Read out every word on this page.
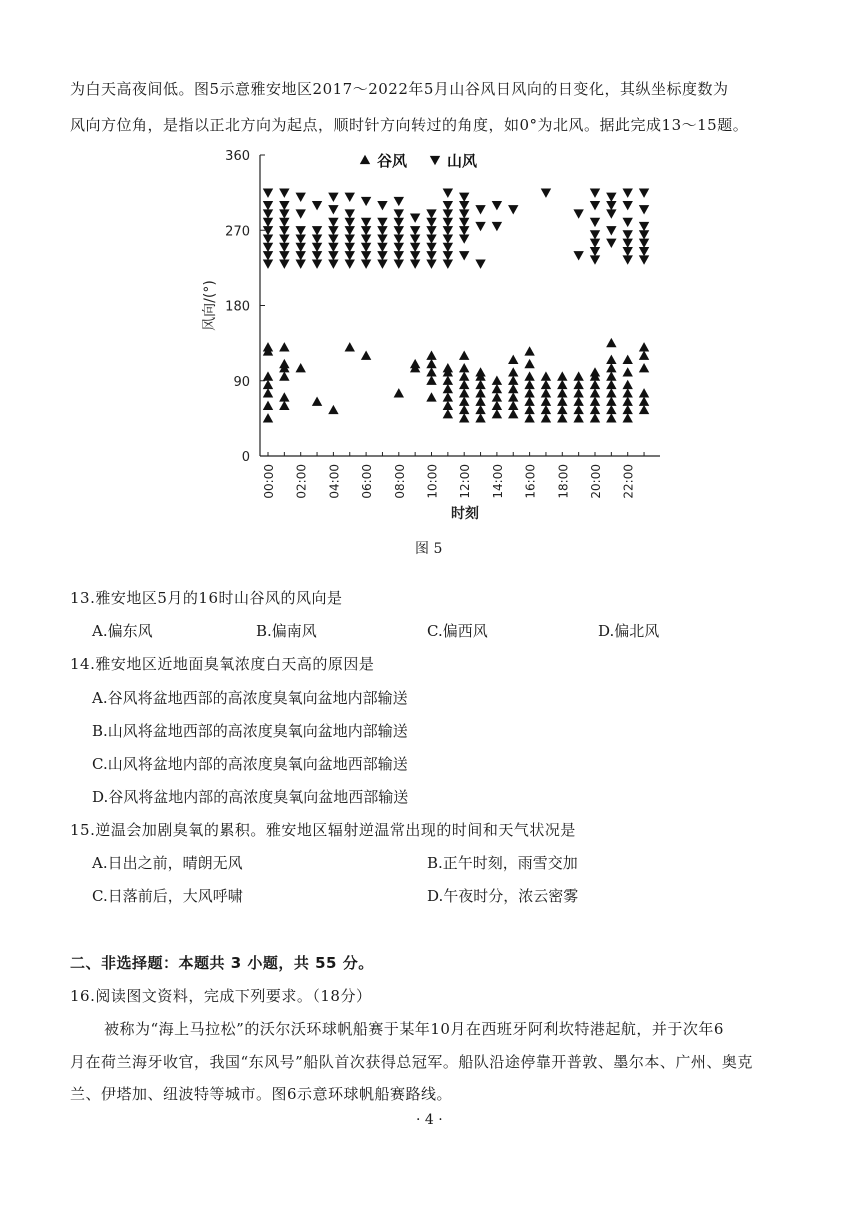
为白天高夜间低。图5示意雅安地区2017～2022年5月山谷风日风向的日变化，其纵坐标度数为
风向方位角，是指以正北方向为起点，顺时针方向转过的角度，如0°为北风。据此完成13～15题。
0
90
180
270
360
00:00 02:00 04:00 06:00 08:00 10:00 12:00 14:00 16:00 18:00 20:00 22:00
风向/(°)
时刻
谷风	山风
图 5
13.雅安地区5月的16时山谷风的风向是
A.偏东风	B.偏南风	C.偏西风	D.偏北风
14.雅安地区近地面臭氧浓度白天高的原因是
A.谷风将盆地西部的高浓度臭氧向盆地内部输送
B.山风将盆地西部的高浓度臭氧向盆地内部输送
C.山风将盆地内部的高浓度臭氧向盆地西部输送
D.谷风将盆地内部的高浓度臭氧向盆地西部输送
15.逆温会加剧臭氧的累积。雅安地区辐射逆温常出现的时间和天气状况是
A.日出之前，晴朗无风	B.正午时刻，雨雪交加
C.日落前后，大风呼啸	D.午夜时分，浓云密雾
二、非选择题：本题共 3 小题，共 55 分。
16.阅读图文资料，完成下列要求。（18分）
被称为“海上马拉松”的沃尔沃环球帆船赛于某年10月在西班牙阿利坎特港起航，并于次年6
月在荷兰海牙收官，我国“东风号”船队首次获得总冠军。船队沿途停靠开普敦、墨尔本、广州、奥克
兰、伊塔加、纽波特等城市。图6示意环球帆船赛路线。
· 4 ·
